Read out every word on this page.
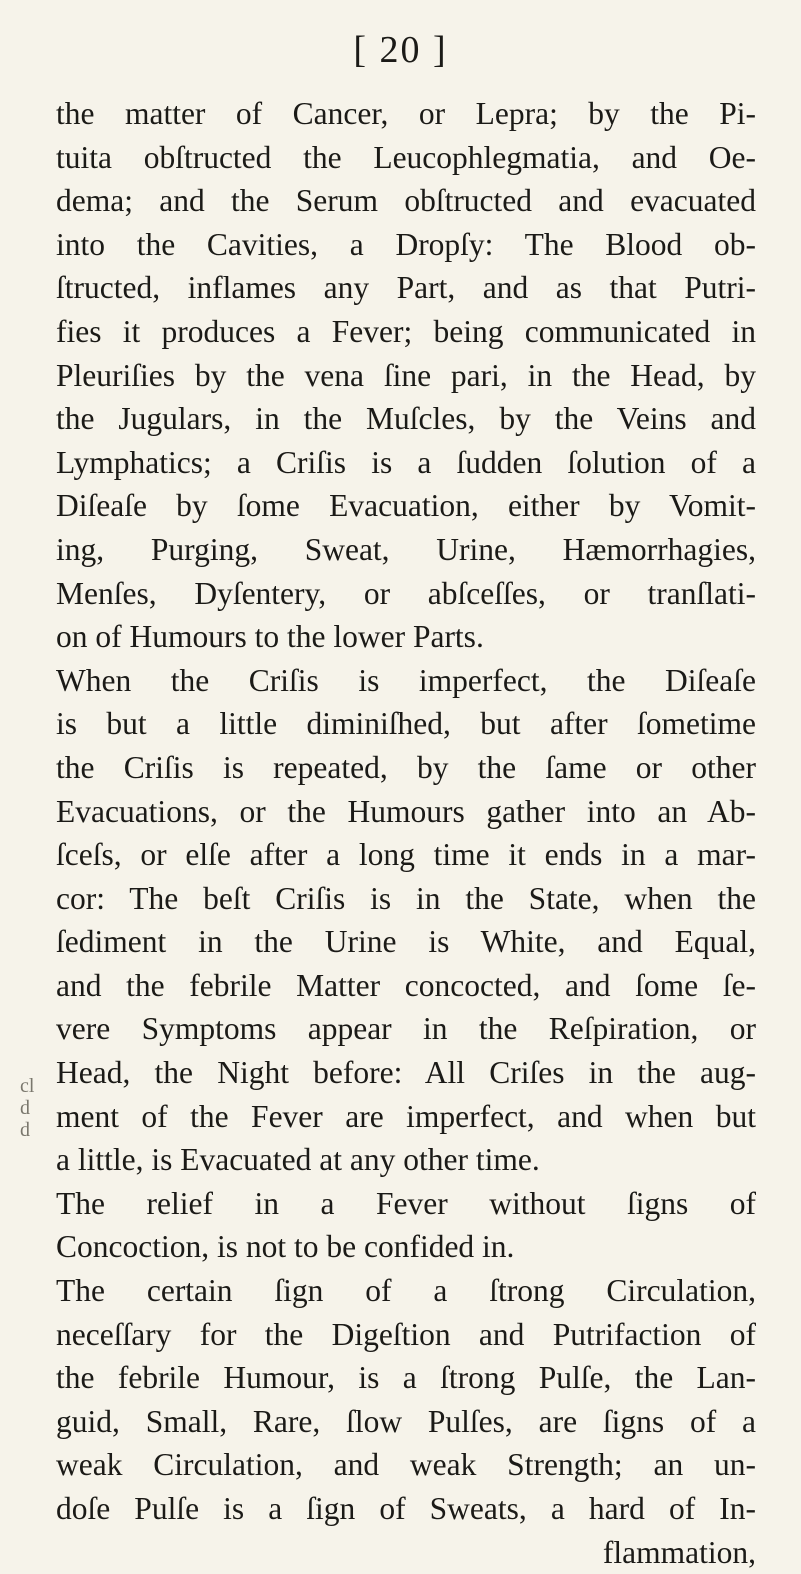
[ 20 ]
the matter of Cancer, or Lepra; by the Pi-
tuita obſtructed the Leucophlegmatia, and Oe-
dema; and the Serum obſtructed and evacuated
into the Cavities, a Dropſy: The Blood ob-
ſtructed, inflames any Part, and as that Putri-
fies it produces a Fever; being communicated in
Pleuriſies by the vena ſine pari, in the Head, by
the Jugulars, in the Muſcles, by the Veins and
Lymphatics; a Criſis is a ſudden ſolution of a
Diſeaſe by ſome Evacuation, either by Vomit-
ing, Purging, Sweat, Urine, Hæmorrhagies,
Menſes, Dyſentery, or abſceſſes, or tranſlati-
on of Humours to the lower Parts.
When the Criſis is imperfect, the Diſeaſe
is but a little diminiſhed, but after ſometime
the Criſis is repeated, by the ſame or other
Evacuations, or the Humours gather into an Ab-
ſceſs, or elſe after a long time it ends in a mar-
cor: The beſt Criſis is in the State, when the
ſediment in the Urine is White, and Equal,
and the febrile Matter concocted, and ſome ſe-
vere Symptoms appear in the Reſpiration, or
Head, the Night before: All Criſes in the aug-
ment of the Fever are imperfect, and when but
a little, is Evacuated at any other time.
The relief in a Fever without ſigns of
Concoction, is not to be confided in.
The certain ſign of a ſtrong Circulation,
neceſſary for the Digeſtion and Putrifaction of
the febrile Humour, is a ſtrong Pulſe, the Lan-
guid, Small, Rare, ſlow Pulſes, are ſigns of a
weak Circulation, and weak Strength; an un-
doſe Pulſe is a ſign of Sweats, a hard of In-
flammation,
cl
d
d
